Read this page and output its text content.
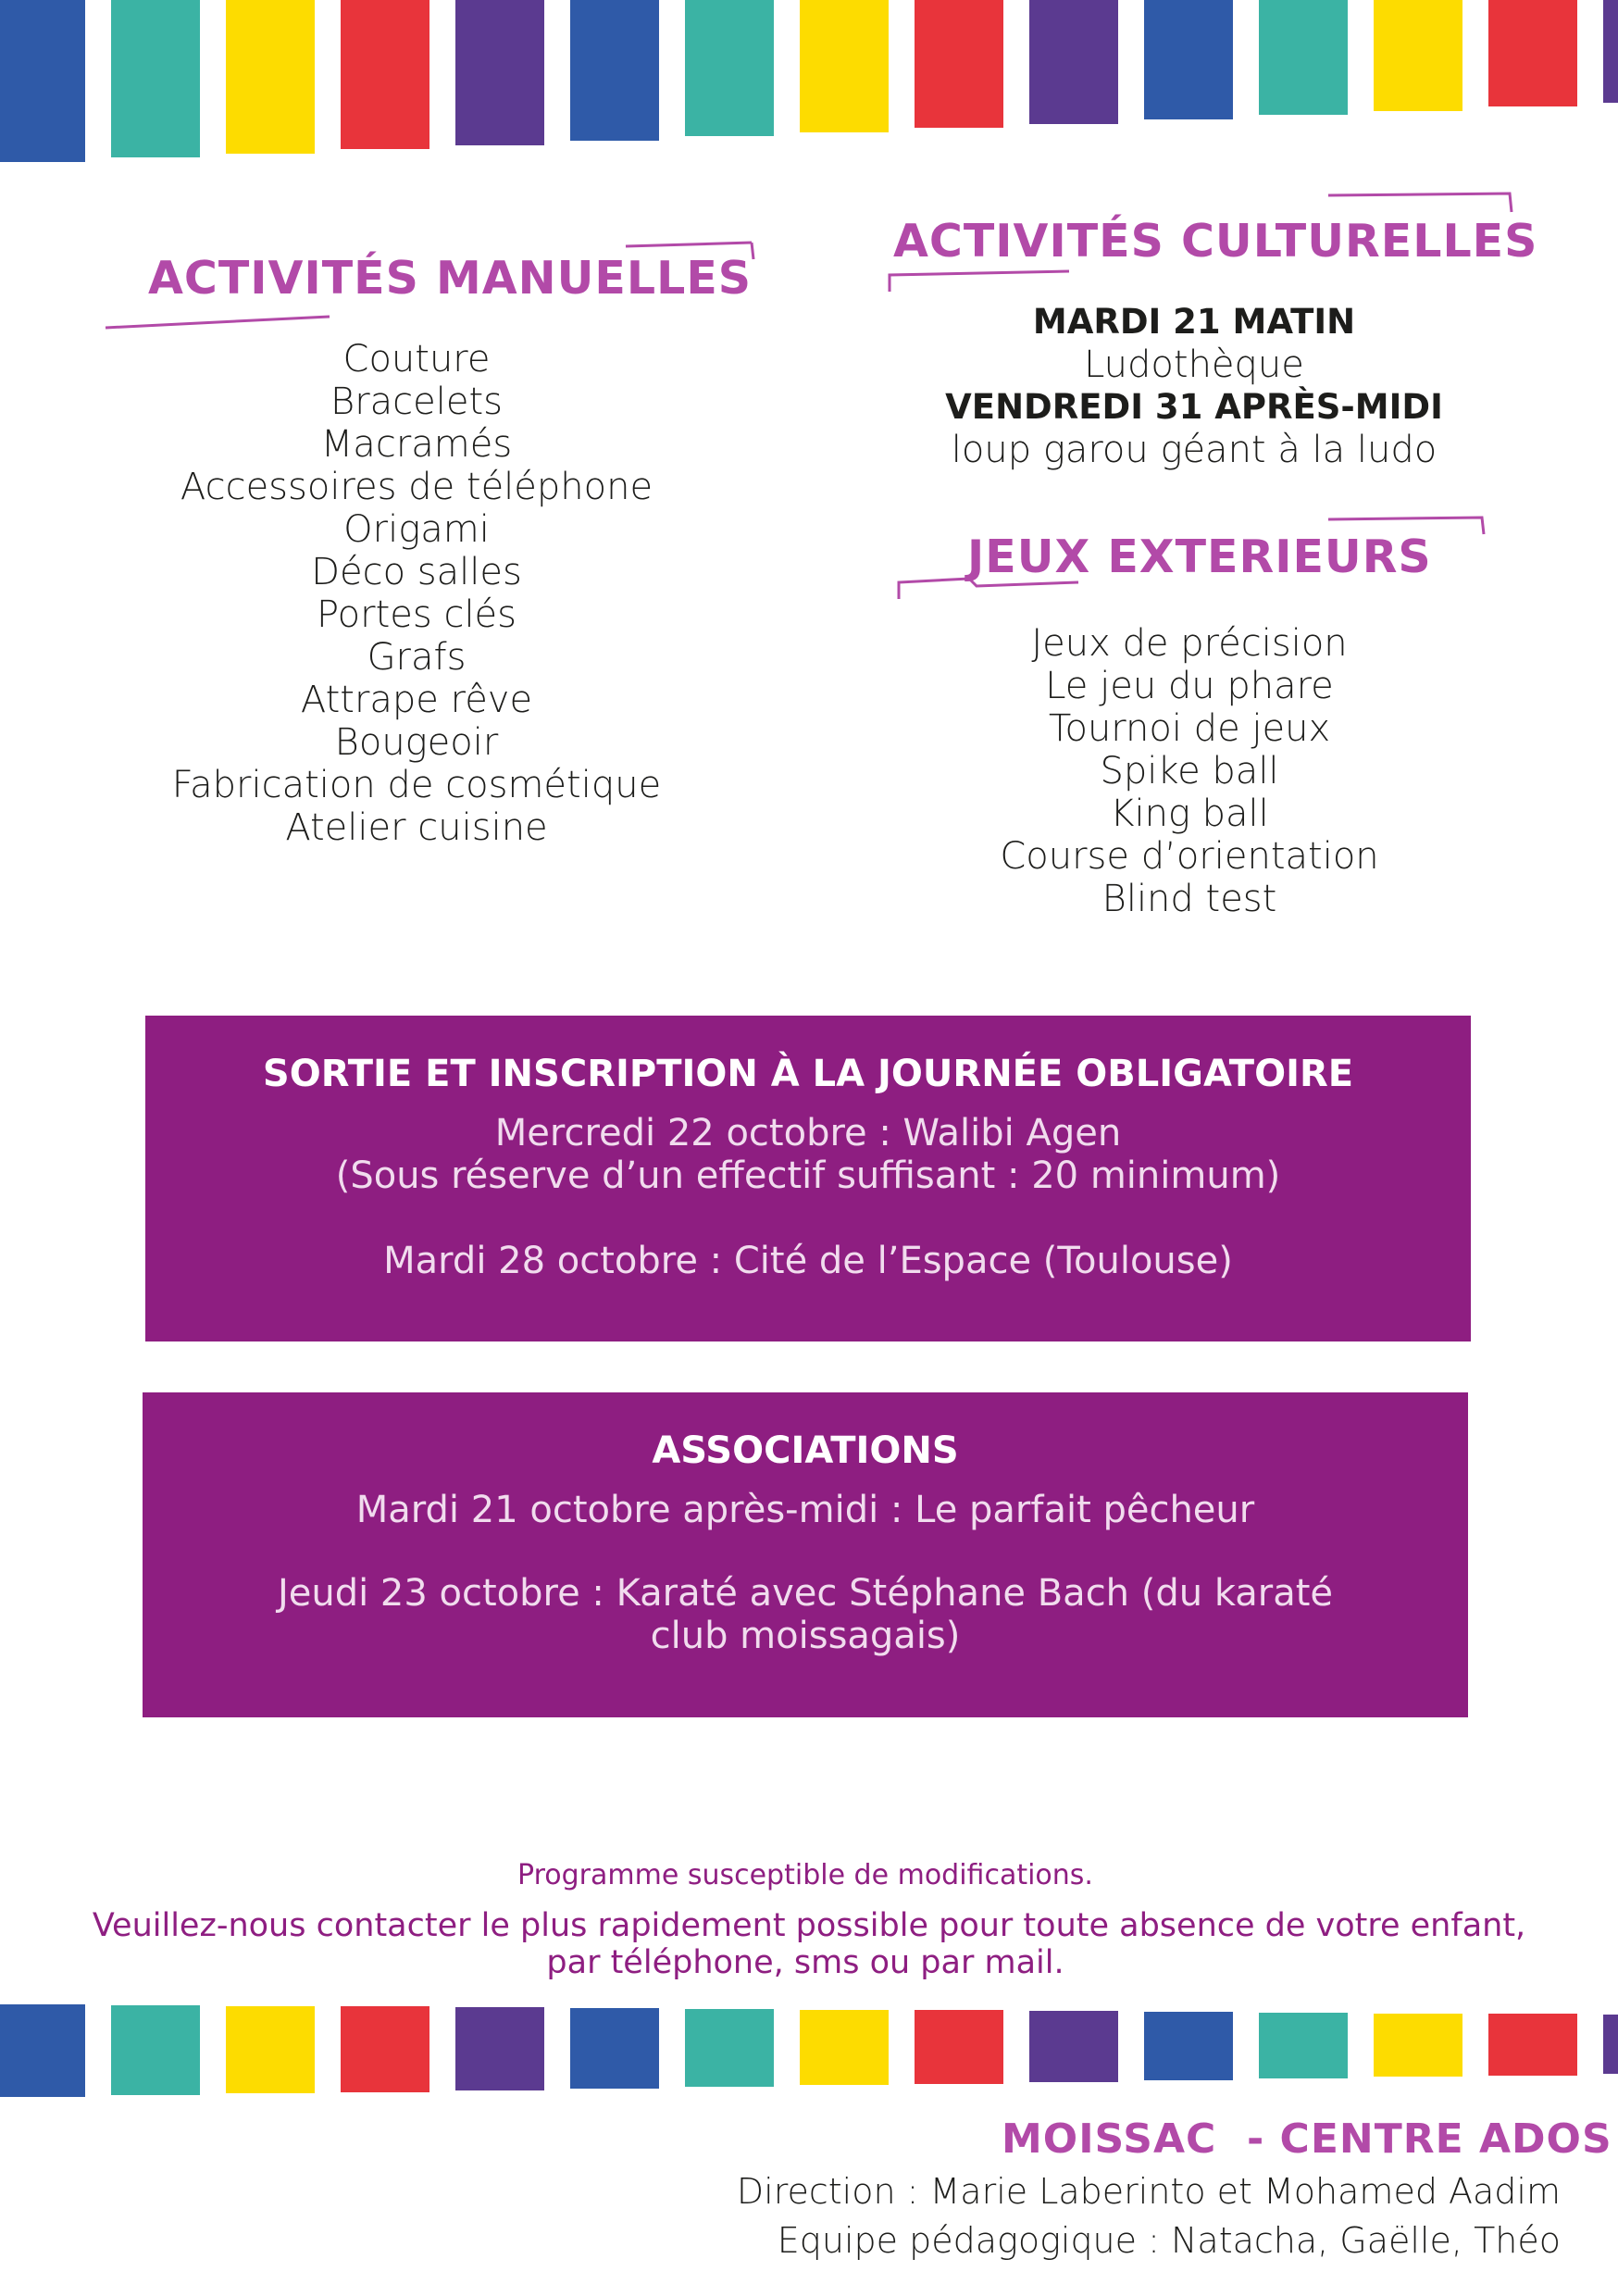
ACTIVITÉS MANUELLES
Couture
Bracelets
Macramés
Accessoires de téléphone
Origami
Déco salles
Portes clés
Grafs
Attrape rêve
Bougeoir
Fabrication de cosmétique
Atelier cuisine
ACTIVITÉS CULTURELLES
MARDI 21 MATIN
Ludothèque
VENDREDI 31 APRÈS-MIDI
loup garou géant à la ludo
JEUX EXTERIEURS
Jeux de précision
Le jeu du phare
Tournoi de jeux
Spike ball
King ball
Course d’orientation
Blind test

SORTIE ET INSCRIPTION À LA JOURNÉE OBLIGATOIRE

Mercredi 22 octobre : Walibi Agen

(Sous réserve d’un effectif suffisant : 20 minimum)

Mardi 28 octobre : Cité de l’Espace (Toulouse)

ASSOCIATIONS

Mardi 21 octobre après-midi : Le parfait pêcheur

Jeudi 23 octobre : Karaté avec Stéphane Bach (du karaté

club moissagais)

Programme susceptible de modifications.
Veuillez-nous contacter le plus rapidement possible pour toute absence de votre enfant,
par téléphone, sms ou par mail.
MOISSAC  - CENTRE ADOS
Direction : Marie Laberinto et Mohamed Aadim
Equipe pédagogique : Natacha, Gaëlle, Théo
